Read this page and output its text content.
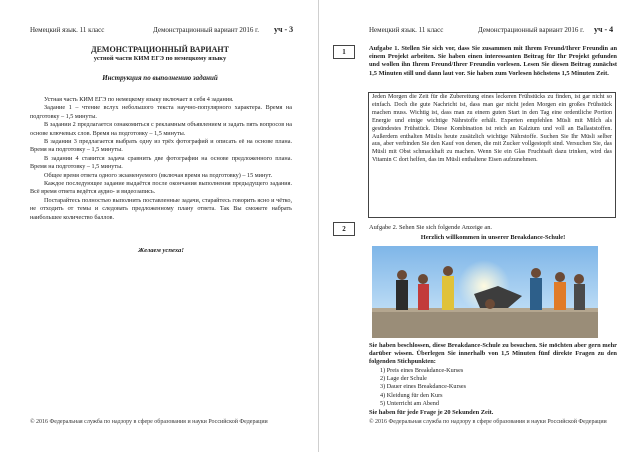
Немецкий язык. 11 класс	Демонстрационный вариант 2016 г. уч - 3
ДЕМОНСТРАЦИОННЫЙ ВАРИАНТ
устной части КИМ ЕГЭ по немецкому языку
Инструкция по выполнению заданий

Устная часть КИМ ЕГЭ по немецкому языку включает в себя 4 задания.

Задание 1 – чтение вслух небольшого текста научно-популярного характера. Время на подготовку – 1,5 минуты.

В задании 2 предлагается ознакомиться с рекламным объявлением и задать пять вопросов на основе ключевых слов. Время на подготовку – 1,5 минуты.

В задании 3 предлагается выбрать одну из трёх фотографий и описать её на основе плана. Время на подготовку – 1,5 минуты.

В задании 4 ставится задача сравнить две фотографии на основе предложенного плана. Время на подготовку – 1,5 минуты.

Общее время ответа одного экзаменуемого (включая время на подготовку) – 15 минут.

Каждое последующее задание выдаётся после окончания выполнения предыдущего задания. Всё время ответа ведётся аудио- и видеозапись.

Постарайтесь полностью выполнить поставленные задачи, старайтесь говорить ясно и чётко, не отходить от темы и следовать предложенному плану ответа. Так Вы сможете набрать наибольшее количество баллов.

Желаем успеха!
© 2016 Федеральная служба по надзору в сфере образования и науки Российской Федерации
Немецкий язык. 11 класс	Демонстрационный вариант 2016 г. уч - 4
1	Aufgabe 1. Stellen Sie sich vor, dass Sie zusammen mit Ihrem Freund/Ihrer Freundin an einem Projekt arbeiten. Sie haben einen interessanten Beitrag für Ihr Projekt gefunden und wollen ihn Ihrem Freund/Ihrer Freundin vorlesen. Lesen Sie diesen Beitrag zunächst 1,5 Minuten still und dann laut vor. Sie haben zum Vorlesen höchstens 1,5 Minuten Zeit.
Jeden Morgen die Zeit für die Zubereitung eines leckeren Frühstücks zu finden, ist gar nicht so einfach. Doch die gute Nachricht ist, dass man gar nicht jeden Morgen ein großes Frühstück machen muss. Wichtig ist, dass man zu einem guten Start in den Tag eine ordentliche Portion Energie und einige wichtige Nährstoffe erhält. Experten empfehlen Müsli mit Milch als gesündestes Frühstück. Diese Kombination ist reich an Kalzium und voll an Ballaststoffen. Außerdem enthalten Müslis heute zusätzlich wichtige Nährstoffe. Suchen Sie Ihr Müsli selber aus, aber verbinden Sie den Kauf von denen, die mit Zucker vollgestopft sind. Versuchen Sie, das Müsli mit Obst schmackhaft zu machen. Wenn Sie ein Glas Fruchtsaft dazu trinken, wird das Vitamin C dort helfen, das im Müsli enthaltene Eisen aufzunehmen.
2	Aufgabe 2. Sehen Sie sich folgende Anzeige an.
Herzlich willkommen in unserer Breakdance-Schule!
Sie haben beschlossen, diese Breakdance-Schule zu besuchen. Sie möchten aber gern mehr darüber wissen. Überlegen Sie innerhalb von 1,5 Minuten fünf direkte Fragen zu den folgenden Stichpunkten:
1) Preis eines Breakdance-Kurses
2) Lage der Schule
3) Dauer eines Breakdance-Kurses
4) Kleidung für den Kurs
5) Unterricht am Abend
Sie haben für jede Frage je 20 Sekunden Zeit.
© 2016 Федеральная служба по надзору в сфере образования и науки Российской Федерации
